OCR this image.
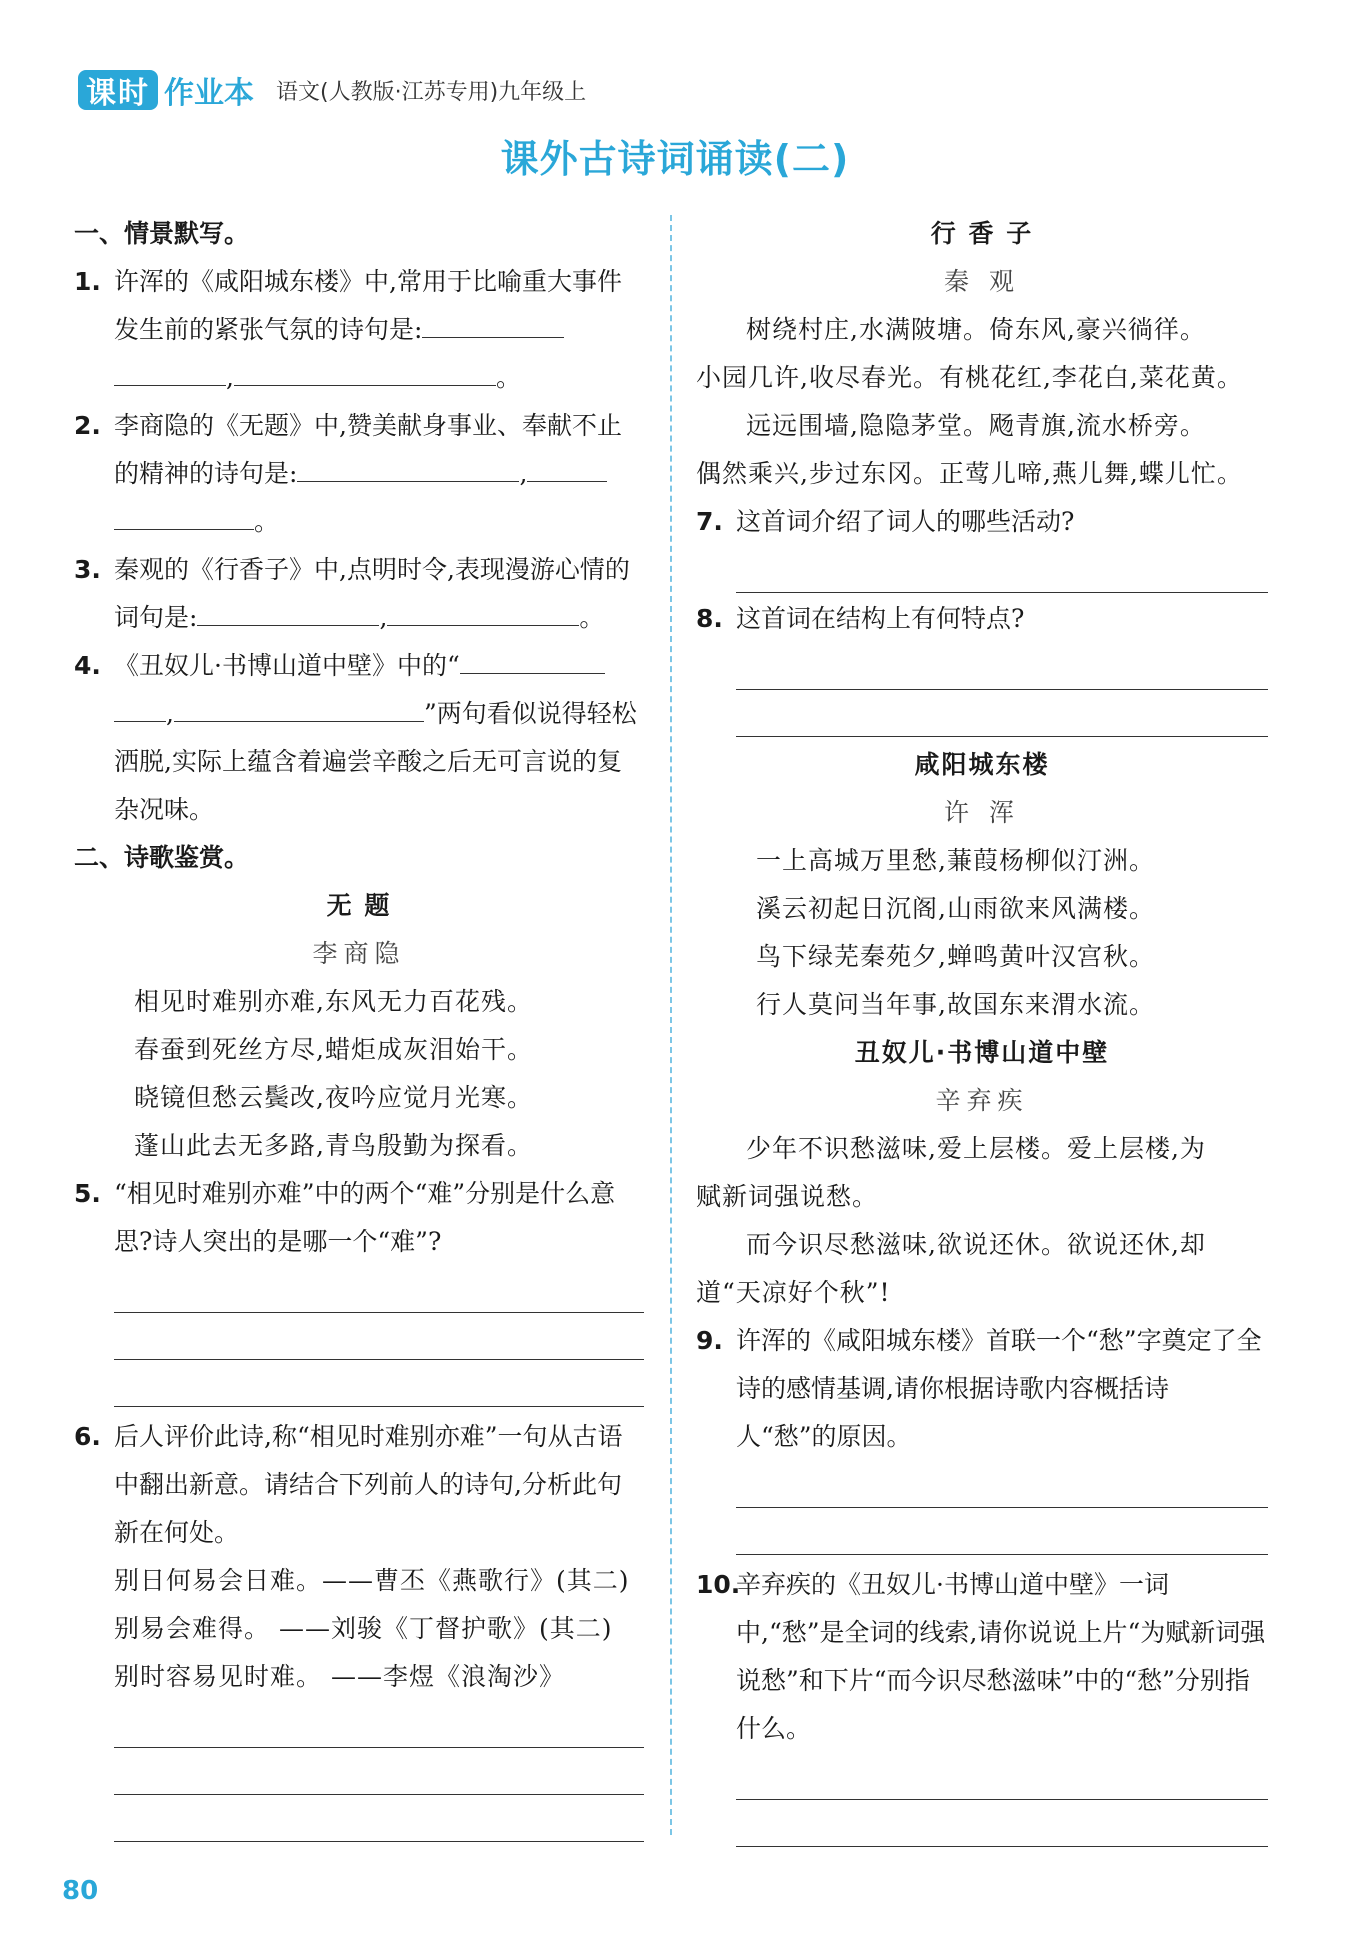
课时 作业本 语文(人教版·江苏专用)九年级上
课外古诗词诵读(二)

一、情景默写。

1. 许浑的《咸阳城东楼》中,常用于比喻重大事件发生前的紧张气氛的诗句是:
,	。
2. 李商隐的《无题》中,赞美献身事业、奉献不止的精神的诗句是:	,
。
3. 秦观的《行香子》中,点明时令,表现漫游心情的词句是:	,	。
4. 《丑奴儿·书博山道中壁》中的“
,	”两句看似说得轻松洒脱,实际上蕴含着遍尝辛酸之后无可言说的复杂况味。

二、诗歌鉴赏。

无 题

李商隐

相见时难别亦难,东风无力百花残。

春蚕到死丝方尽,蜡炬成灰泪始干。

晓镜但愁云鬓改,夜吟应觉月光寒。

蓬山此去无多路,青鸟殷勤为探看。

5. “相见时难别亦难”中的两个“难”分别是什么意思?诗人突出的是哪一个“难”?
6. 后人评价此诗,称“相见时难别亦难”一句从古语中翻出新意。请结合下列前人的诗句,分析此句新在何处。

别日何易会日难。——曹丕《燕歌行》(其二)

别易会难得。 ——刘骏《丁督护歌》(其二)

别时容易见时难。 ——李煜《浪淘沙》

行 香 子

秦 观

树绕村庄,水满陂塘。倚东风,豪兴徜徉。

小园几许,收尽春光。有桃花红,李花白,菜花黄。

远远围墙,隐隐茅堂。飏青旗,流水桥旁。

偶然乘兴,步过东冈。正莺儿啼,燕儿舞,蝶儿忙。

7. 这首词介绍了词人的哪些活动?
8. 这首词在结构上有何特点?

咸阳城东楼

许 浑

一上高城万里愁,蒹葭杨柳似汀洲。

溪云初起日沉阁,山雨欲来风满楼。

鸟下绿芜秦苑夕,蝉鸣黄叶汉宫秋。

行人莫问当年事,故国东来渭水流。

丑奴儿·书博山道中壁

辛弃疾

少年不识愁滋味,爱上层楼。爱上层楼,为

赋新词强说愁。

而今识尽愁滋味,欲说还休。欲说还休,却

道“天凉好个秋”!

9. 许浑的《咸阳城东楼》首联一个“愁”字奠定了全诗的感情基调,请你根据诗歌内容概括诗人“愁”的原因。
10.
辛弃疾的《丑奴儿·书博山道中壁》一词中,“愁”是全词的线索,请你说说上片“为赋新词强说愁”和下片“而今识尽愁滋味”中的“愁”分别指什么。
80
